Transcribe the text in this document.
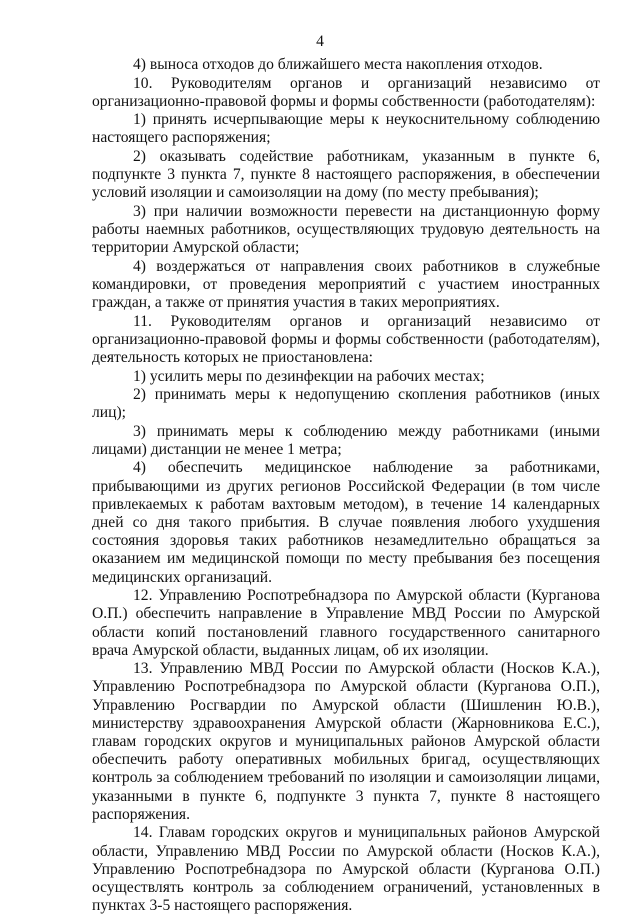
4

4) выноса отходов до ближайшего места накопления отходов.

10. Руководителям органов и организаций независимо от организационно-правовой формы и формы собственности (работодателям):

1) принять исчерпывающие меры к неукоснительному соблюдению настоящего распоряжения;

2) оказывать содействие работникам, указанным в пункте 6, подпункте 3 пункта 7, пункте 8 настоящего распоряжения, в обеспечении условий изоляции и самоизоляции на дому (по месту пребывания);

3) при наличии возможности перевести на дистанционную форму работы наемных работников, осуществляющих трудовую деятельность на территории Амурской области;

4) воздержаться от направления своих работников в служебные командировки, от проведения мероприятий с участием иностранных граждан, а также от принятия участия в таких мероприятиях.

11. Руководителям органов и организаций независимо от организационно-правовой формы и формы собственности (работодателям), деятельность которых не приостановлена:

1) усилить меры по дезинфекции на рабочих местах;

2) принимать меры к недопущению скопления работников (иных лиц);

3) принимать меры к соблюдению между работниками (иными лицами) дистанции не менее 1 метра;

4) обеспечить медицинское наблюдение за работниками, прибывающими из других регионов Российской Федерации (в том числе привлекаемых к работам вахтовым методом), в течение 14 календарных дней со дня такого прибытия. В случае появления любого ухудшения состояния здоровья таких работников незамедлительно обращаться за оказанием им медицинской помощи по месту пребывания без посещения медицинских организаций.

12. Управлению Роспотребнадзора по Амурской области (Курганова О.П.) обеспечить направление в Управление МВД России по Амурской области копий постановлений главного государственного санитарного врача Амурской области, выданных лицам, об их изоляции.

13. Управлению МВД России по Амурской области (Носков К.А.), Управлению Роспотребнадзора по Амурской области (Курганова О.П.), Управлению Росгвардии по Амурской области (Шишленин Ю.В.), министерству здравоохранения Амурской области (Жарновникова Е.С.), главам городских округов и муниципальных районов Амурской области обеспечить работу оперативных мобильных бригад, осуществляющих контроль за соблюдением требований по изоляции и самоизоляции лицами, указанными в пункте 6, подпункте 3 пункта 7, пункте 8 настоящего распоряжения.

14. Главам городских округов и муниципальных районов Амурской области, Управлению МВД России по Амурской области (Носков К.А.), Управлению Роспотребнадзора по Амурской области (Курганова О.П.) осуществлять контроль за соблюдением ограничений, установленных в пунктах 3-5 настоящего распоряжения.
